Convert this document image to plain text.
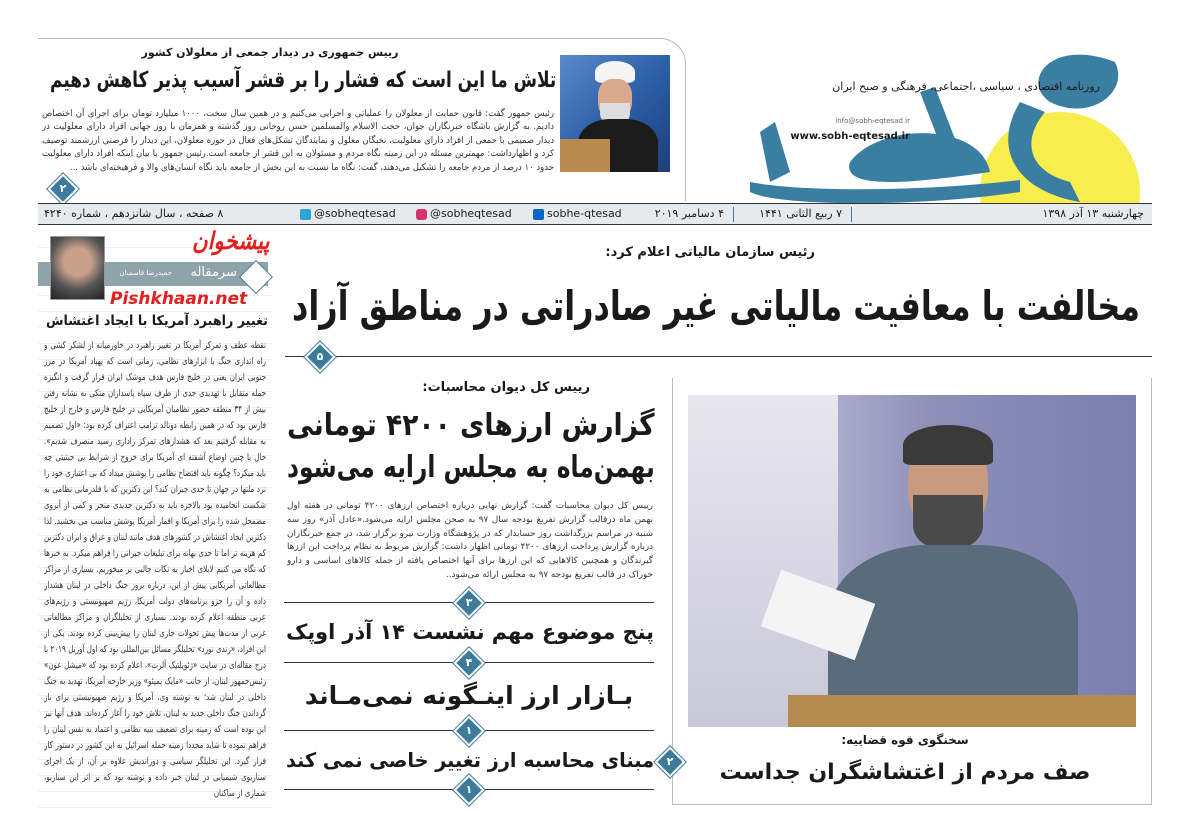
رییس جمهوری در دیدار جمعی از معلولان کشور
تلاش ما این است که فشار را بر قشر آسیب پذیر کاهش دهیم
رئیس جمهور گفت: قانون حمایت از معلولان را عملیاتی و اجرایی می‌کنیم و در همین سال سخت، ۱۰۰۰ میلیارد تومان برای اجرای آن اختصاص دادیم. به گزارش باشگاه خبرنگاران جوان، حجت الاسلام والمسلمین حسن روحانی روز گذشته و همزمان با روز جهانی افراد دارای معلولیت در دیدار صمیمی با جمعی از افراد دارای معلولیت، نخبگان معلول و نمایندگان تشکل‌های فعال در حوزه معلولان، این دیدار را فرصتی ارزشمند توصیف کرد و اظهارداشت: مهمترین مسئله در این زمینه نگاه مردم و مسئولان به این قشر از جامعه است.رئیس جمهور با بیان اینکه افراد دارای معلولیت حدود ۱۰ درصد از مردم جامعه را تشکیل می‌دهند، گفت: نگاه ما نسبت به این بخش از جامعه باید نگاه انسان‌های والا و فرهیخته‌ای باشد ...
۲
روزنامه اقتصادی ، سیاسی ،اجتماعی، فرهنگی و صبح ایران
info@sobh-eqtesad.ir
www.sobh-eqtesad.ir
چهارشنبه ۱۳ آذر ۱۳۹۸
۷ ربیع الثانی ۱۴۴۱
۴ دسامبر ۲۰۱۹
sobhe-qtesad
@sobheqtesad
@sobheqtesad
۸ صفحه ، سال شانزدهم ، شماره ۴۲۴۰
سرمقاله
حمیدرضا قاسمیان
پیشخوان
Pishkhaan.net
تغییر راهبرد آمریکا با ایجاد اغتشاش
نقطه عطف و تمرکز آمریکا در تغییر راهبرد در خاورمیانه از لشکر کشی و راه اندازی جنگ با ابزارهای نظامی، زمانی است که پهپاد آمریکا در مرز جنوبی ایران یعنی در خلیج فارس هدف موشک ایران قرار گرفت و انگیزه حمله متقابل با تهدیدی جدی از طرف سپاه پاسداران متکی به نشانه رفتن بیش از ۳۴ منطقه حضور نظامیان آمریکایی در خلیج فارس و خارج از خلیج فارس بود که در همین رابطه دونالد ترامپ اعتراف کرده بود: «اول تصمیم به مقابله گرفتیم بعد که هشدارهای تمرکز راداری رسید منصرف شدیم». حال با چنین اوضاع آشفته ای آمریکا برای خروج از شرایط بی حیثیتی چه باید میکرد؟ چگونه باید افتضاح نظامی را پوشش میداد که بی اعتباری خود را نزد ملتها در جهان تا حدی جبران کند؟ این دکترین که با قلدرمابی نظامی به شکست انجامیده بود بالاخره باید به دکترین جدیدی منجر و کمی از آبروی مضمحل شده را برای آمریکا و اقمار آمریکا پوشش مناسب می بخشید. لذا دکترین ایجاد اغتشاش در کشورهای هدف مانند لبنان و عراق و ایران دکترین کم هزینه تر اما تا حدی بهانه برای تبلیغات جبرانی را فراهم میکرد. به خبرها که نگاه می کنیم لابلای اخبار به نکات جالبی بر میخوریم. بسیاری از مراکز مطالعاتی آمریکایی پیش از این، درباره بروز جنگ داخلی در لبنان هشدار داده و آن را جزو برنامه‌های دولت آمریکا، رژیم صهیونیستی و رژیم‌های عربی منطقه اعلام کرده بودند. بسیاری از تحلیلگران و مراکز مطالعاتی غربی از مدت‌ها پیش تحولات جاری لبنان را پیش‌بینی کرده بودند. یکی از این افراد، «رندی نورد» تحلیلگر مسائل بین‌المللی بود که اول آوریل ۲۰۱۹ با درج مقاله‌ای در سایت «ژئوپلتیک آلرت»، اعلام کرده بود که «میشل عون» رئیس‌جمهور لبنان، از جانب «مایک پمپئو» وزیر خارجه آمریکا، تهدید به جنگ داخلی در لبنان شد؛ به نوشته وی، آمریکا و رژیم صهیونیستی برای باز گرداندن جنگ داخلی جدید به لبنان، تلاش خود را آغاز کرده‌اند. هدف آنها نیز این بوده است که زمینه برای تضعیف بنیه نظامی و اعتماد به نفس لبنان را فراهم نموده تا شاید مجددا زمینه حمله اسرائیل به این کشور در دستور کار قرار گیرد. این تحلیلگر سیاسی و دوراندیش علاوه بر آن، از یک اجرای سناریوی شیمیایی در لبنان خبر داده و نوشته بود که بر اثر این سناریو، شماری از ساکنان
رئیس سازمان مالیاتی اعلام کرد:
مخالفت با معافیت مالیاتی غیر صادراتی در مناطق آزاد
۵
رییس کل دیوان محاسبات:
گزارش ارزهای ۴۲۰۰ تومانی
بهمن‌ماه به مجلس ارایه می‌شود
رییس کل دیوان محاسبات گفت: گزارش نهایی درباره اختصاص ارزهای ۴۲۰۰ تومانی در هفته اول بهمن ماه درقالب گزارش تفریغ بودجه سال ۹۷ به صحن مجلس ارایه می‌شود.«عادل آذر» روز سه شنبه در مراسم بزرگداشت روز حسابدار که در پژوهشگاه وزارت نیرو برگزار شد، در جمع خبرنگاران درباره گزارش پرداخت ارزهای ۴۲۰۰ تومانی اظهار داشت: گزارش مربوط به نظام پرداخت این ارزها گیرندگان و همچنین کالاهایی که این ارزها برای آنها اختصاص یافته از جمله کالاهای اساسی و دارو خوراک در قالب تفریغ بودجه ۹۷ به مجلس ارائه می‌شود..
۳
پنج موضوع مهم نشست ۱۴ آذر اوپک
۴
بـازار ارز اینـگونه نمی‌مـاند
۱
مبنای محاسبه ارز تغییر خاصی نمی کند
۱
سخنگوی قوه قضاییه:
صف مردم از اغتشاشگران جداست
۲
